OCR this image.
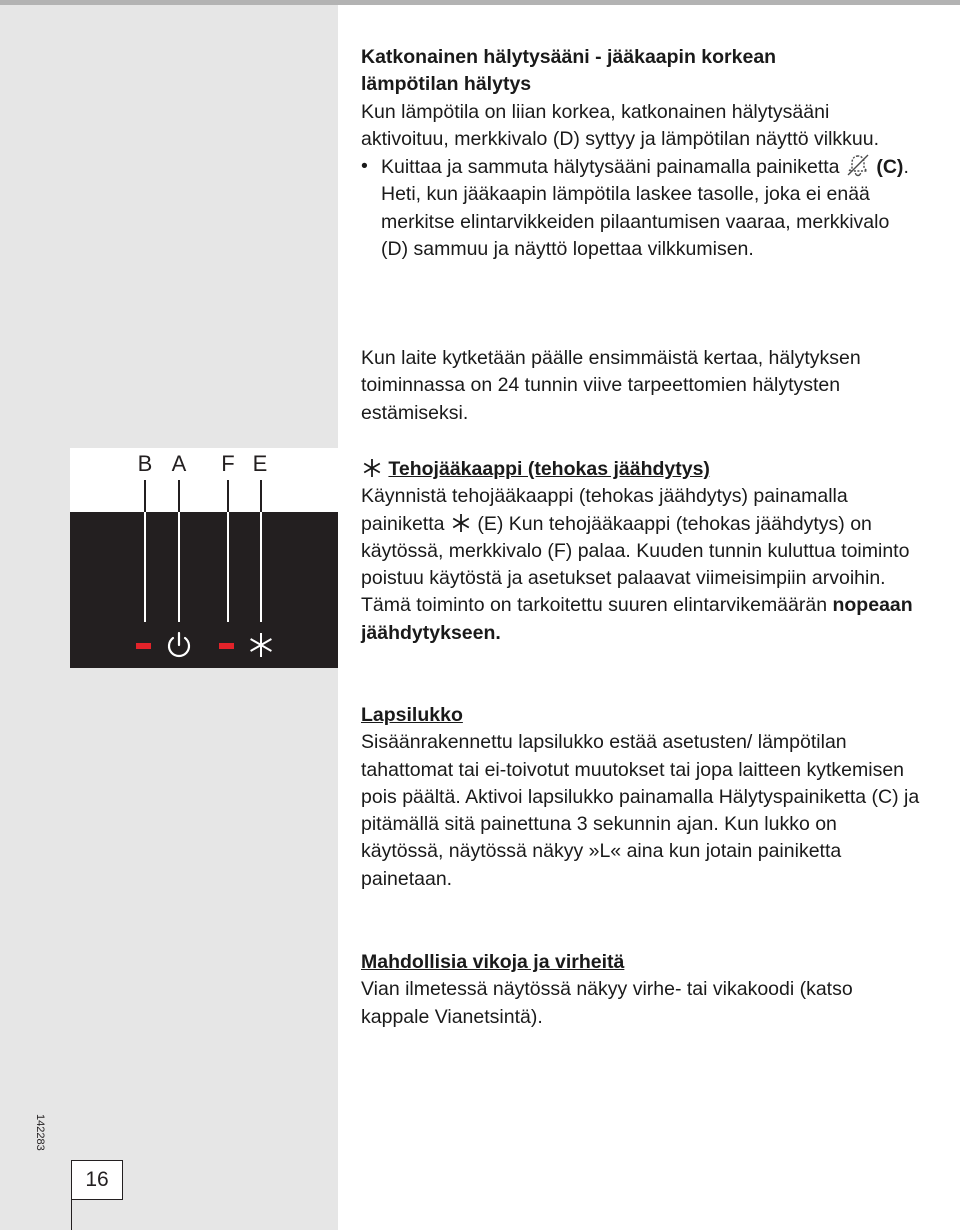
B A F E

Katkonainen hälytysääni - jääkaapin korkean

lämpötilan hälytys

Kun lämpötila on liian korkea, katkonainen hälytysääni aktivoituu, merkkivalo (D) syttyy ja lämpötilan näyttö vilkkuu.

• Kuittaa ja sammuta hälytysääni painamalla painiketta (C). Heti, kun jääkaapin lämpötila laskee tasolle, joka ei enää merkitse elintarvikkeiden pilaantumisen vaaraa, merkkivalo (D) sammuu ja näyttö lopettaa vilkkumisen.

Kun laite kytketään päälle ensimmäistä kertaa, hälytyksen toiminnassa on 24 tunnin viive tarpeettomien hälytysten estämiseksi.

Tehojääkaappi (tehokas jäähdytys)

Käynnistä tehojääkaappi (tehokas jäähdytys) painamalla painiketta (E) Kun tehojääkaappi (tehokas jäähdytys) on käytössä, merkkivalo (F) palaa. Kuuden tunnin kuluttua toiminto poistuu käytöstä ja asetukset palaavat viimeisimpiin arvoihin. Tämä toiminto on tarkoitettu suuren elintarvikemäärän nopeaan jäähdytykseen.

Lapsilukko

Sisäänrakennettu lapsilukko estää asetusten/ lämpötilan tahattomat tai ei-toivotut muutokset tai jopa laitteen kytkemisen pois päältä. Aktivoi lapsilukko painamalla Hälytyspainiketta (C) ja pitämällä sitä painettuna 3 sekunnin ajan. Kun lukko on käytössä, näytössä näkyy »L« aina kun jotain painiketta painetaan.

Mahdollisia vikoja ja virheitä

Vian ilmetessä näytössä näkyy virhe- tai vikakoodi (katso kappale Vianetsintä).

142283
16
